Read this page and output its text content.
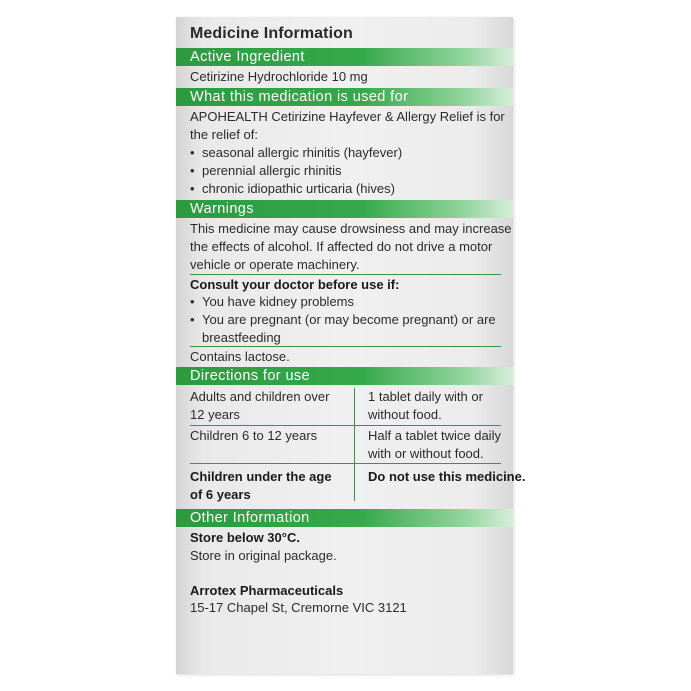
Medicine Information
Active Ingredient
Cetirizine Hydrochloride 10 mg
What this medication is used for
APOHEALTH Cetirizine Hayfever & Allergy Relief is for
the relief of:
• seasonal allergic rhinitis (hayfever)
• perennial allergic rhinitis
• chronic idiopathic urticaria (hives)
Warnings
This medicine may cause drowsiness and may increase
the effects of alcohol. If affected do not drive a motor
vehicle or operate machinery.
Consult your doctor before use if:
• You have kidney problems
• You are pregnant (or may become pregnant) or are
breastfeeding
Contains lactose.
Directions for use
Adults and children over
12 years
1 tablet daily with or
without food.
Children 6 to 12 years	Half a tablet twice daily
with or without food.
Children under the age
of 6 years
Do not use this medicine.
Other Information
Store below 30°C.
Store in original package.
Arrotex Pharmaceuticals
15-17 Chapel St, Cremorne VIC 3121
